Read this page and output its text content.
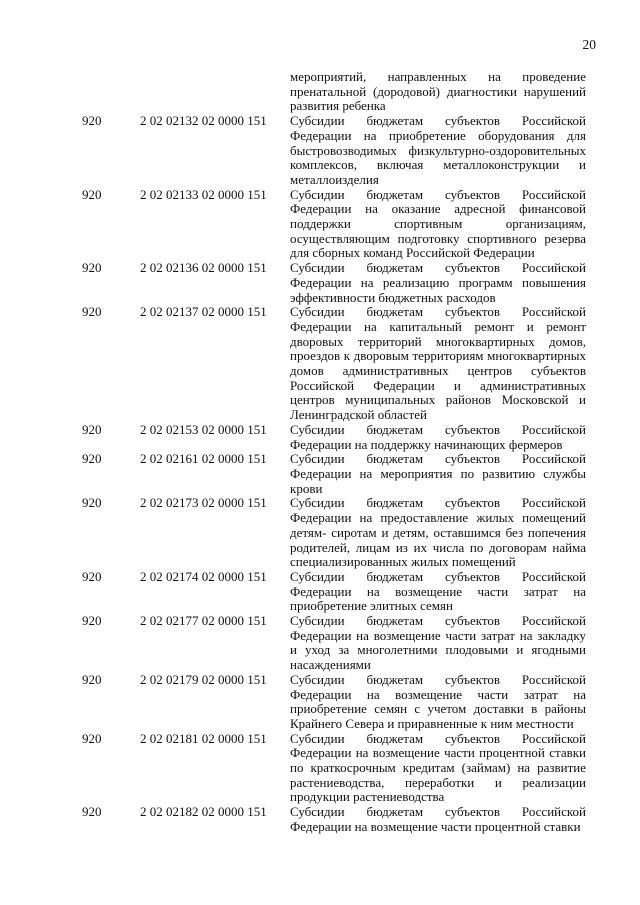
20
мероприятий, направленных на проведение пренатальной (дородовой) диагностики нарушений развития ребенка
920	2 02 02132 02 0000 151	Субсидии бюджетам субъектов Российской Федерации на приобретение оборудования для быстровозводимых физкультурно-оздоровительных комплексов, включая металлоконструкции и металлоизделия
920	2 02 02133 02 0000 151	Субсидии бюджетам субъектов Российской Федерации на оказание адресной финансовой поддержки спортивным организациям, осуществляющим подготовку спортивного резерва для сборных команд Российской Федерации
920	2 02 02136 02 0000 151	Субсидии бюджетам субъектов Российской Федерации на реализацию программ повышения эффективности бюджетных расходов
920	2 02 02137 02 0000 151	Субсидии бюджетам субъектов Российской Федерации на капитальный ремонт и ремонт дворовых территорий многоквартирных домов, проездов к дворовым территориям многоквартирных домов административных центров субъектов Российской Федерации и административных центров муниципальных районов Московской и Ленинградской областей
920	2 02 02153 02 0000 151	Субсидии бюджетам субъектов Российской Федерации на поддержку начинающих фермеров
920	2 02 02161 02 0000 151	Субсидии бюджетам субъектов Российской Федерации на мероприятия по развитию службы крови
920	2 02 02173 02 0000 151	Субсидии бюджетам субъектов Российской Федерации на предоставление жилых помещений детям- сиротам и детям, оставшимся без попечения родителей, лицам из их числа по договорам найма специализированных жилых помещений
920	2 02 02174 02 0000 151	Субсидии бюджетам субъектов Российской Федерации на возмещение части затрат на приобретение элитных семян
920	2 02 02177 02 0000 151	Субсидии бюджетам субъектов Российской Федерации на возмещение части затрат на закладку и уход за многолетними плодовыми и ягодными насаждениями
920	2 02 02179 02 0000 151	Субсидии бюджетам субъектов Российской Федерации на возмещение части затрат на приобретение семян с учетом доставки в районы Крайнего Севера и приравненные к ним местности
920	2 02 02181 02 0000 151	Субсидии бюджетам субъектов Российской Федерации на возмещение части процентной ставки по краткосрочным кредитам (займам) на развитие растениеводства, переработки и реализации продукции растениеводства
920	2 02 02182 02 0000 151	Субсидии бюджетам субъектов Российской Федерации на возмещение части процентной ставки
